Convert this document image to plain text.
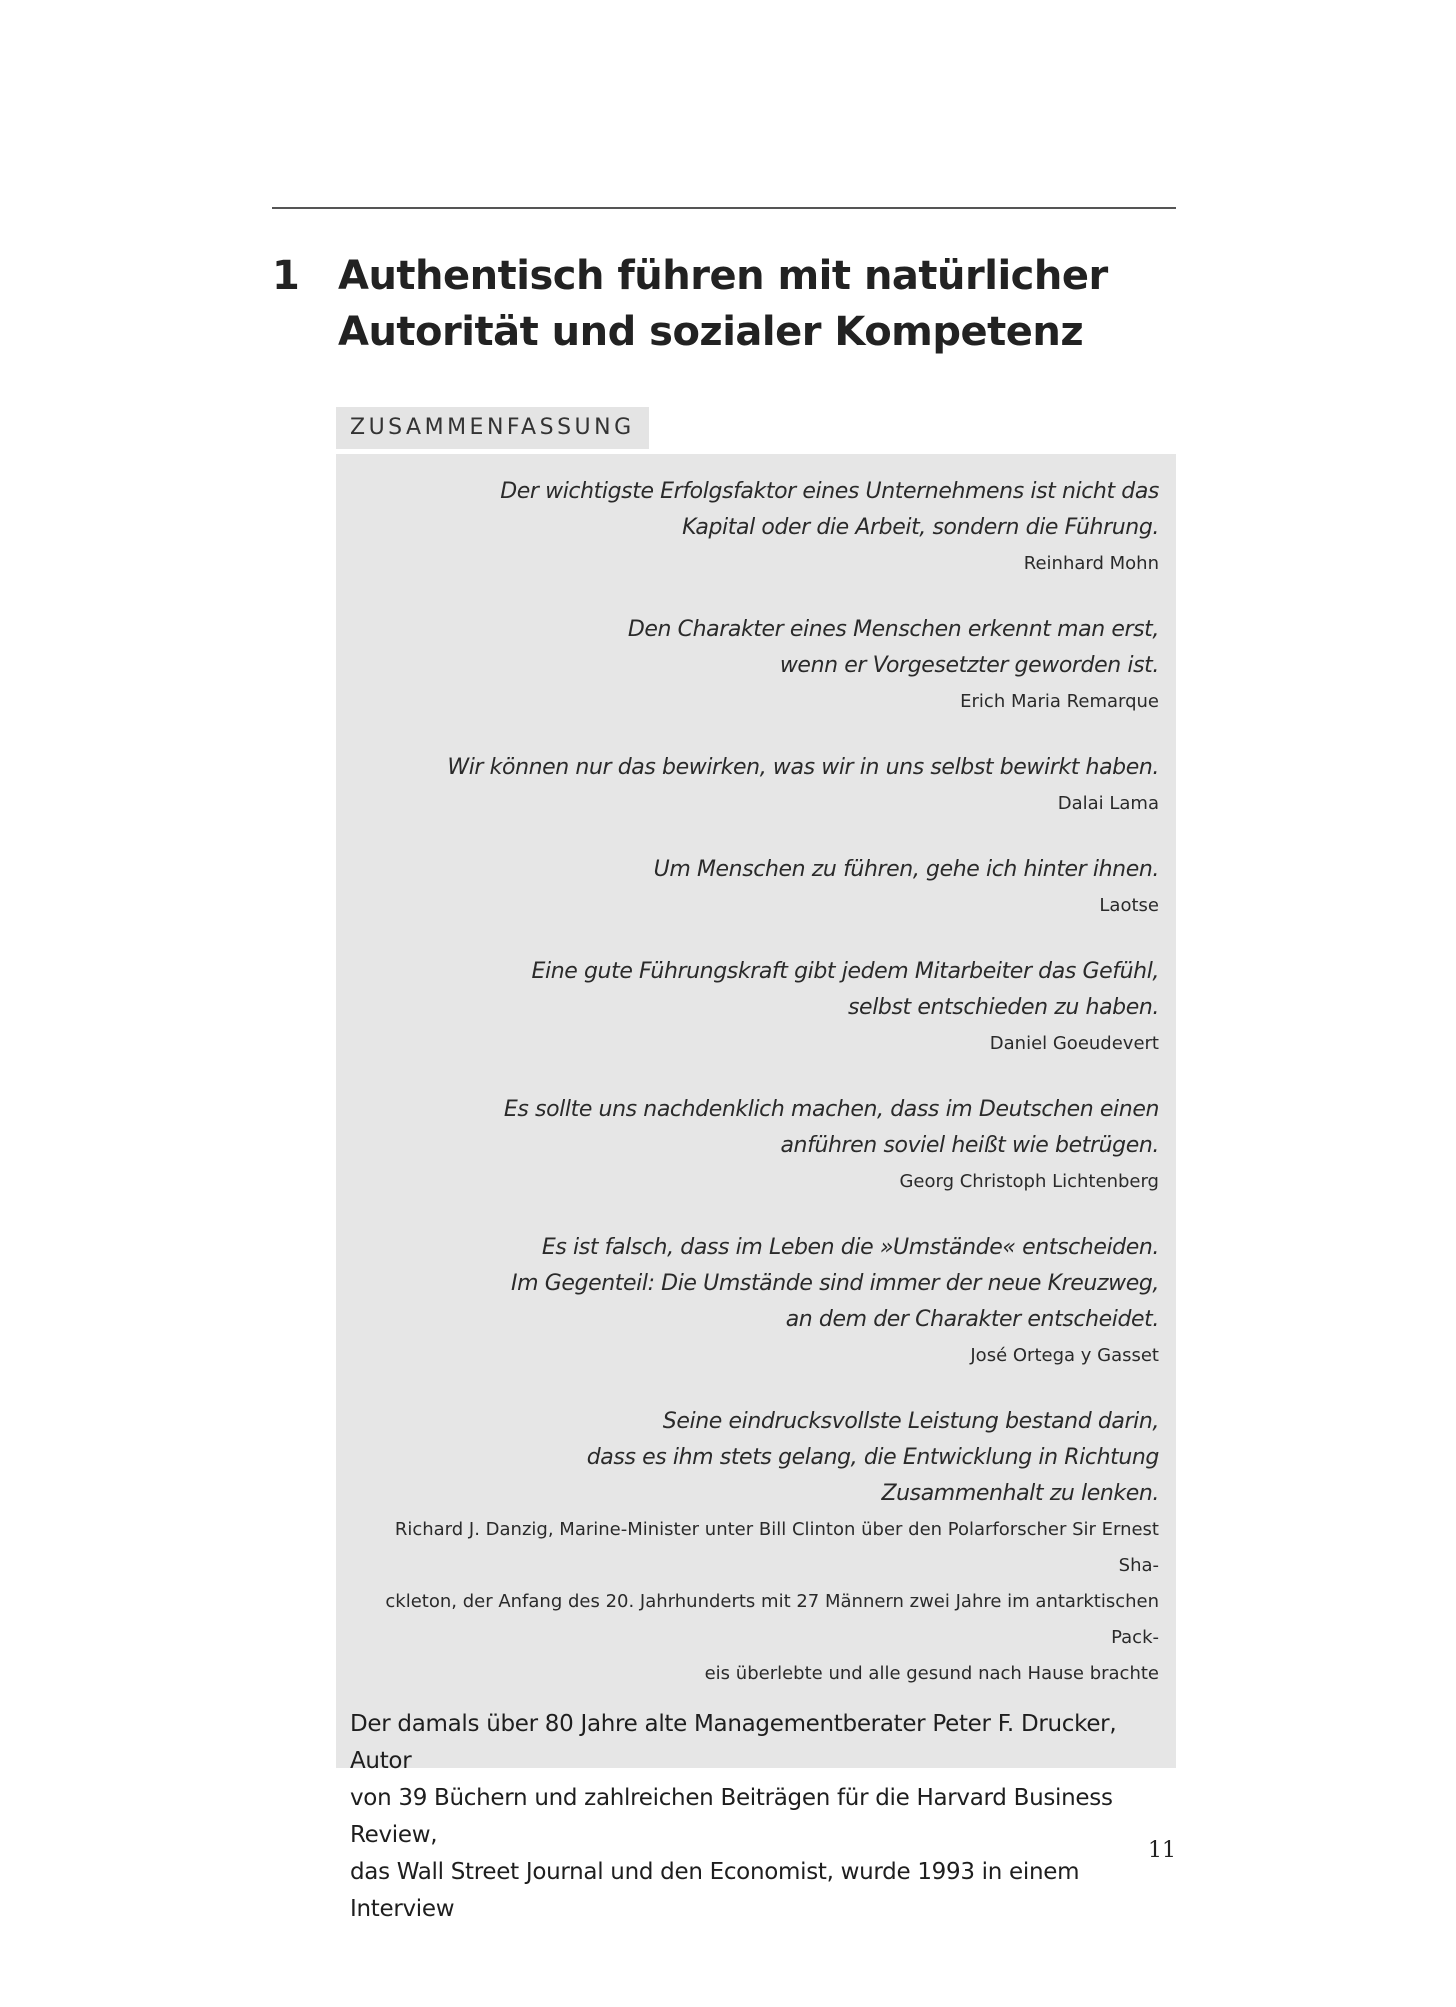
1 Authentisch führen mit natürlicher
Autorität und sozialer Kompetenz
ZUSAMMENFASSUNG
Der wichtigste Erfolgsfaktor eines Unternehmens ist nicht das
Kapital oder die Arbeit, sondern die Führung.
Reinhard Mohn
Den Charakter eines Menschen erkennt man erst,
wenn er Vorgesetzter geworden ist.
Erich Maria Remarque
Wir können nur das bewirken, was wir in uns selbst bewirkt haben.
Dalai Lama
Um Menschen zu führen, gehe ich hinter ihnen.
Laotse
Eine gute Führungskraft gibt jedem Mitarbeiter das Gefühl,
selbst entschieden zu haben.
Daniel Goeudevert
Es sollte uns nachdenklich machen, dass im Deutschen einen
anführen soviel heißt wie betrügen.
Georg Christoph Lichtenberg
Es ist falsch, dass im Leben die »Umstände« entscheiden.
Im Gegenteil: Die Umstände sind immer der neue Kreuzweg,
an dem der Charakter entscheidet.
José Ortega y Gasset
Seine eindrucksvollste Leistung bestand darin,
dass es ihm stets gelang, die Entwicklung in Richtung
Zusammenhalt zu lenken.
Richard J. Danzig, Marine-Minister unter Bill Clinton über den Polarforscher Sir Ernest Sha-
ckleton, der Anfang des 20. Jahrhunderts mit 27 Männern zwei Jahre im antarktischen Pack-
eis überlebte und alle gesund nach Hause brachte
Der damals über 80 Jahre alte Managementberater Peter F. Drucker, Autor
von 39 Büchern und zahlreichen Beiträgen für die Harvard Business Review,
das Wall Street Journal und den Economist, wurde 1993 in einem Interview
11
